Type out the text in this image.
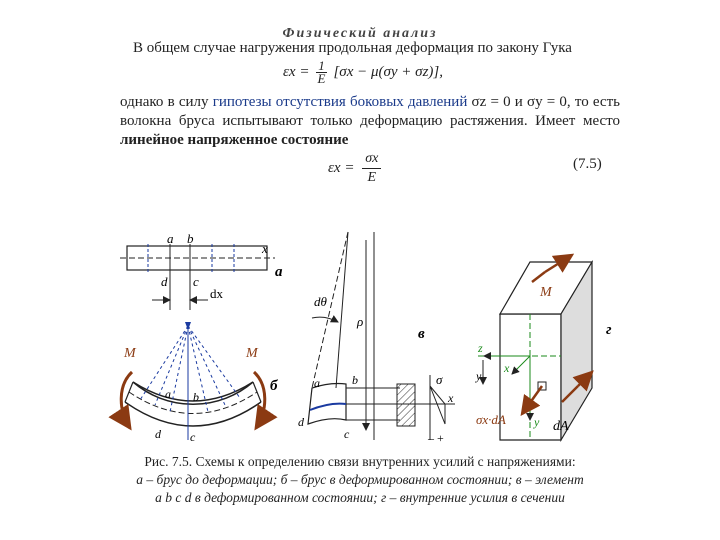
Физический анализ
В общем случае нагружения продольная деформация по закону Гука
$\varepsilon x = \frac{1}{E} [\sigma x - \mu(\sigma y + \sigma z)]$,
однако в силу гипотезы отсутствия боковых давлений σz = 0 и σy = 0, то есть волокна бруса испытывают только деформацию растяжения. Имеет место линейное напряженное состояние
$\varepsilon x = \frac{\sigma x}{E}$	(7.5)
a b
x
d c
dx
а
M	M
a b
d c
б
dθ
ρ
a	b
d
c
σ
x
– +
в
M
z
y
x
y
σx·dA	dA
г
Рис. 7.5. Схемы к определению связи внутренних усилий с напряжениями:
а – брус до деформации; б – брус в деформированном состоянии; в – элемент
a b c d в деформированном состоянии; г – внутренние усилия в сечении
